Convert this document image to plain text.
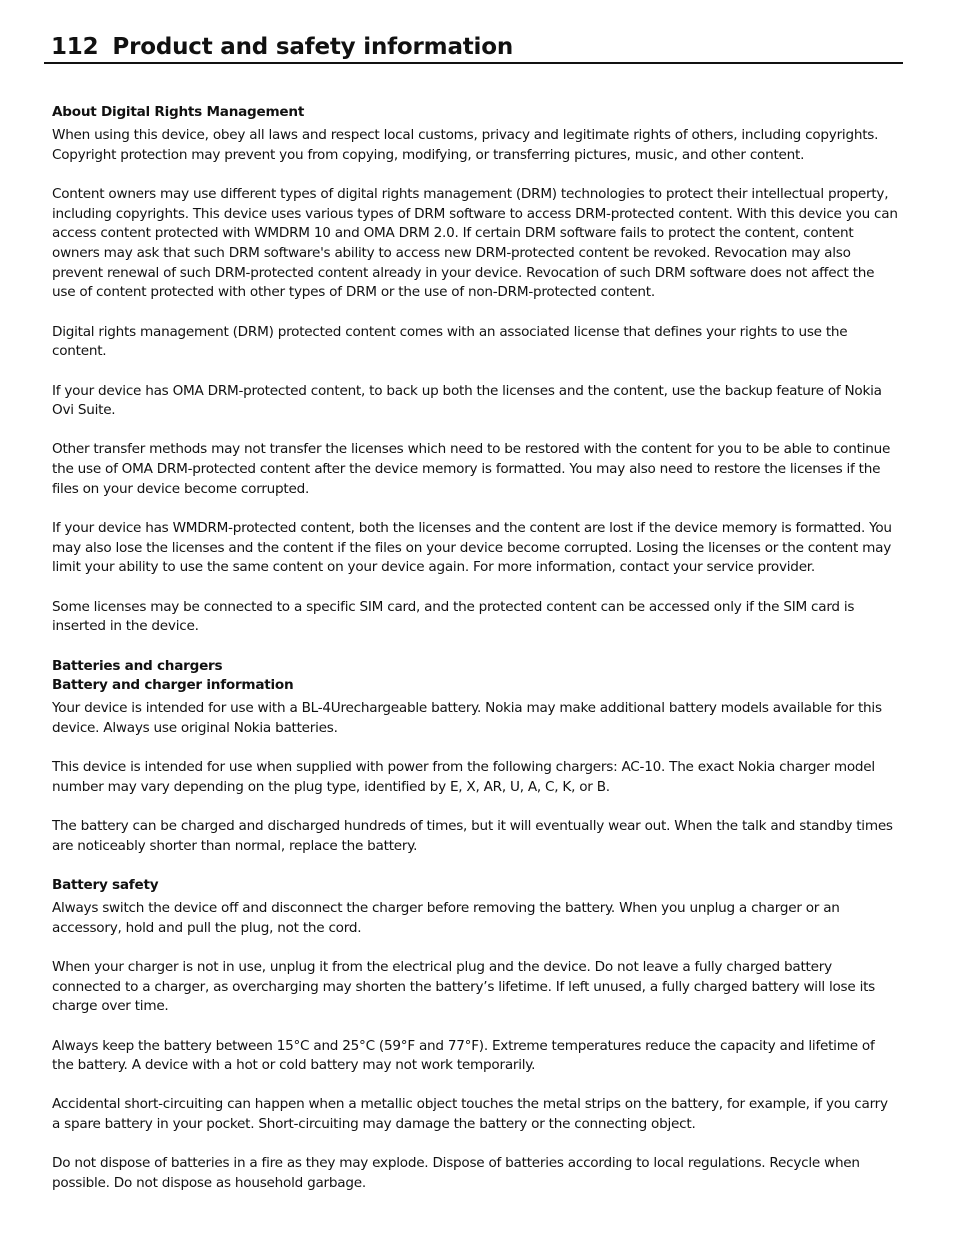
112 Product and safety information
About Digital Rights Management

When using this device, obey all laws and respect local customs, privacy and legitimate rights of others, including copyrights. Copyright protection may prevent you from copying, modifying, or transferring pictures, music, and other content.

Content owners may use different types of digital rights management (DRM) technologies to protect their intellectual property, including copyrights. This device uses various types of DRM software to access DRM-protected content. With this device you can access content protected with WMDRM 10 and OMA DRM 2.0. If certain DRM software fails to protect the content, content owners may ask that such DRM software's ability to access new DRM-protected content be revoked. Revocation may also prevent renewal of such DRM-protected content already in your device. Revocation of such DRM software does not affect the use of content protected with other types of DRM or the use of non-DRM-protected content.

Digital rights management (DRM) protected content comes with an associated license that defines your rights to use the content.

If your device has OMA DRM-protected content, to back up both the licenses and the content, use the backup feature of Nokia Ovi Suite.

Other transfer methods may not transfer the licenses which need to be restored with the content for you to be able to continue the use of OMA DRM-protected content after the device memory is formatted. You may also need to restore the licenses if the files on your device become corrupted.

If your device has WMDRM-protected content, both the licenses and the content are lost if the device memory is formatted. You may also lose the licenses and the content if the files on your device become corrupted. Losing the licenses or the content may limit your ability to use the same content on your device again. For more information, contact your service provider.

Some licenses may be connected to a specific SIM card, and the protected content can be accessed only if the SIM card is inserted in the device.

Batteries and chargers
Battery and charger information

Your device is intended for use with a BL-4Urechargeable battery. Nokia may make additional battery models available for this device. Always use original Nokia batteries.

This device is intended for use when supplied with power from the following chargers: AC-10. The exact Nokia charger model number may vary depending on the plug type, identified by E, X, AR, U, A, C, K, or B.

The battery can be charged and discharged hundreds of times, but it will eventually wear out. When the talk and standby times are noticeably shorter than normal, replace the battery.

Battery safety

Always switch the device off and disconnect the charger before removing the battery. When you unplug a charger or an accessory, hold and pull the plug, not the cord.

When your charger is not in use, unplug it from the electrical plug and the device. Do not leave a fully charged battery connected to a charger, as overcharging may shorten the battery’s lifetime. If left unused, a fully charged battery will lose its charge over time.

Always keep the battery between 15°C and 25°C (59°F and 77°F). Extreme temperatures reduce the capacity and lifetime of the battery. A device with a hot or cold battery may not work temporarily.

Accidental short-circuiting can happen when a metallic object touches the metal strips on the battery, for example, if you carry a spare battery in your pocket. Short-circuiting may damage the battery or the connecting object.

Do not dispose of batteries in a fire as they may explode. Dispose of batteries according to local regulations. Recycle when possible. Do not dispose as household garbage.
